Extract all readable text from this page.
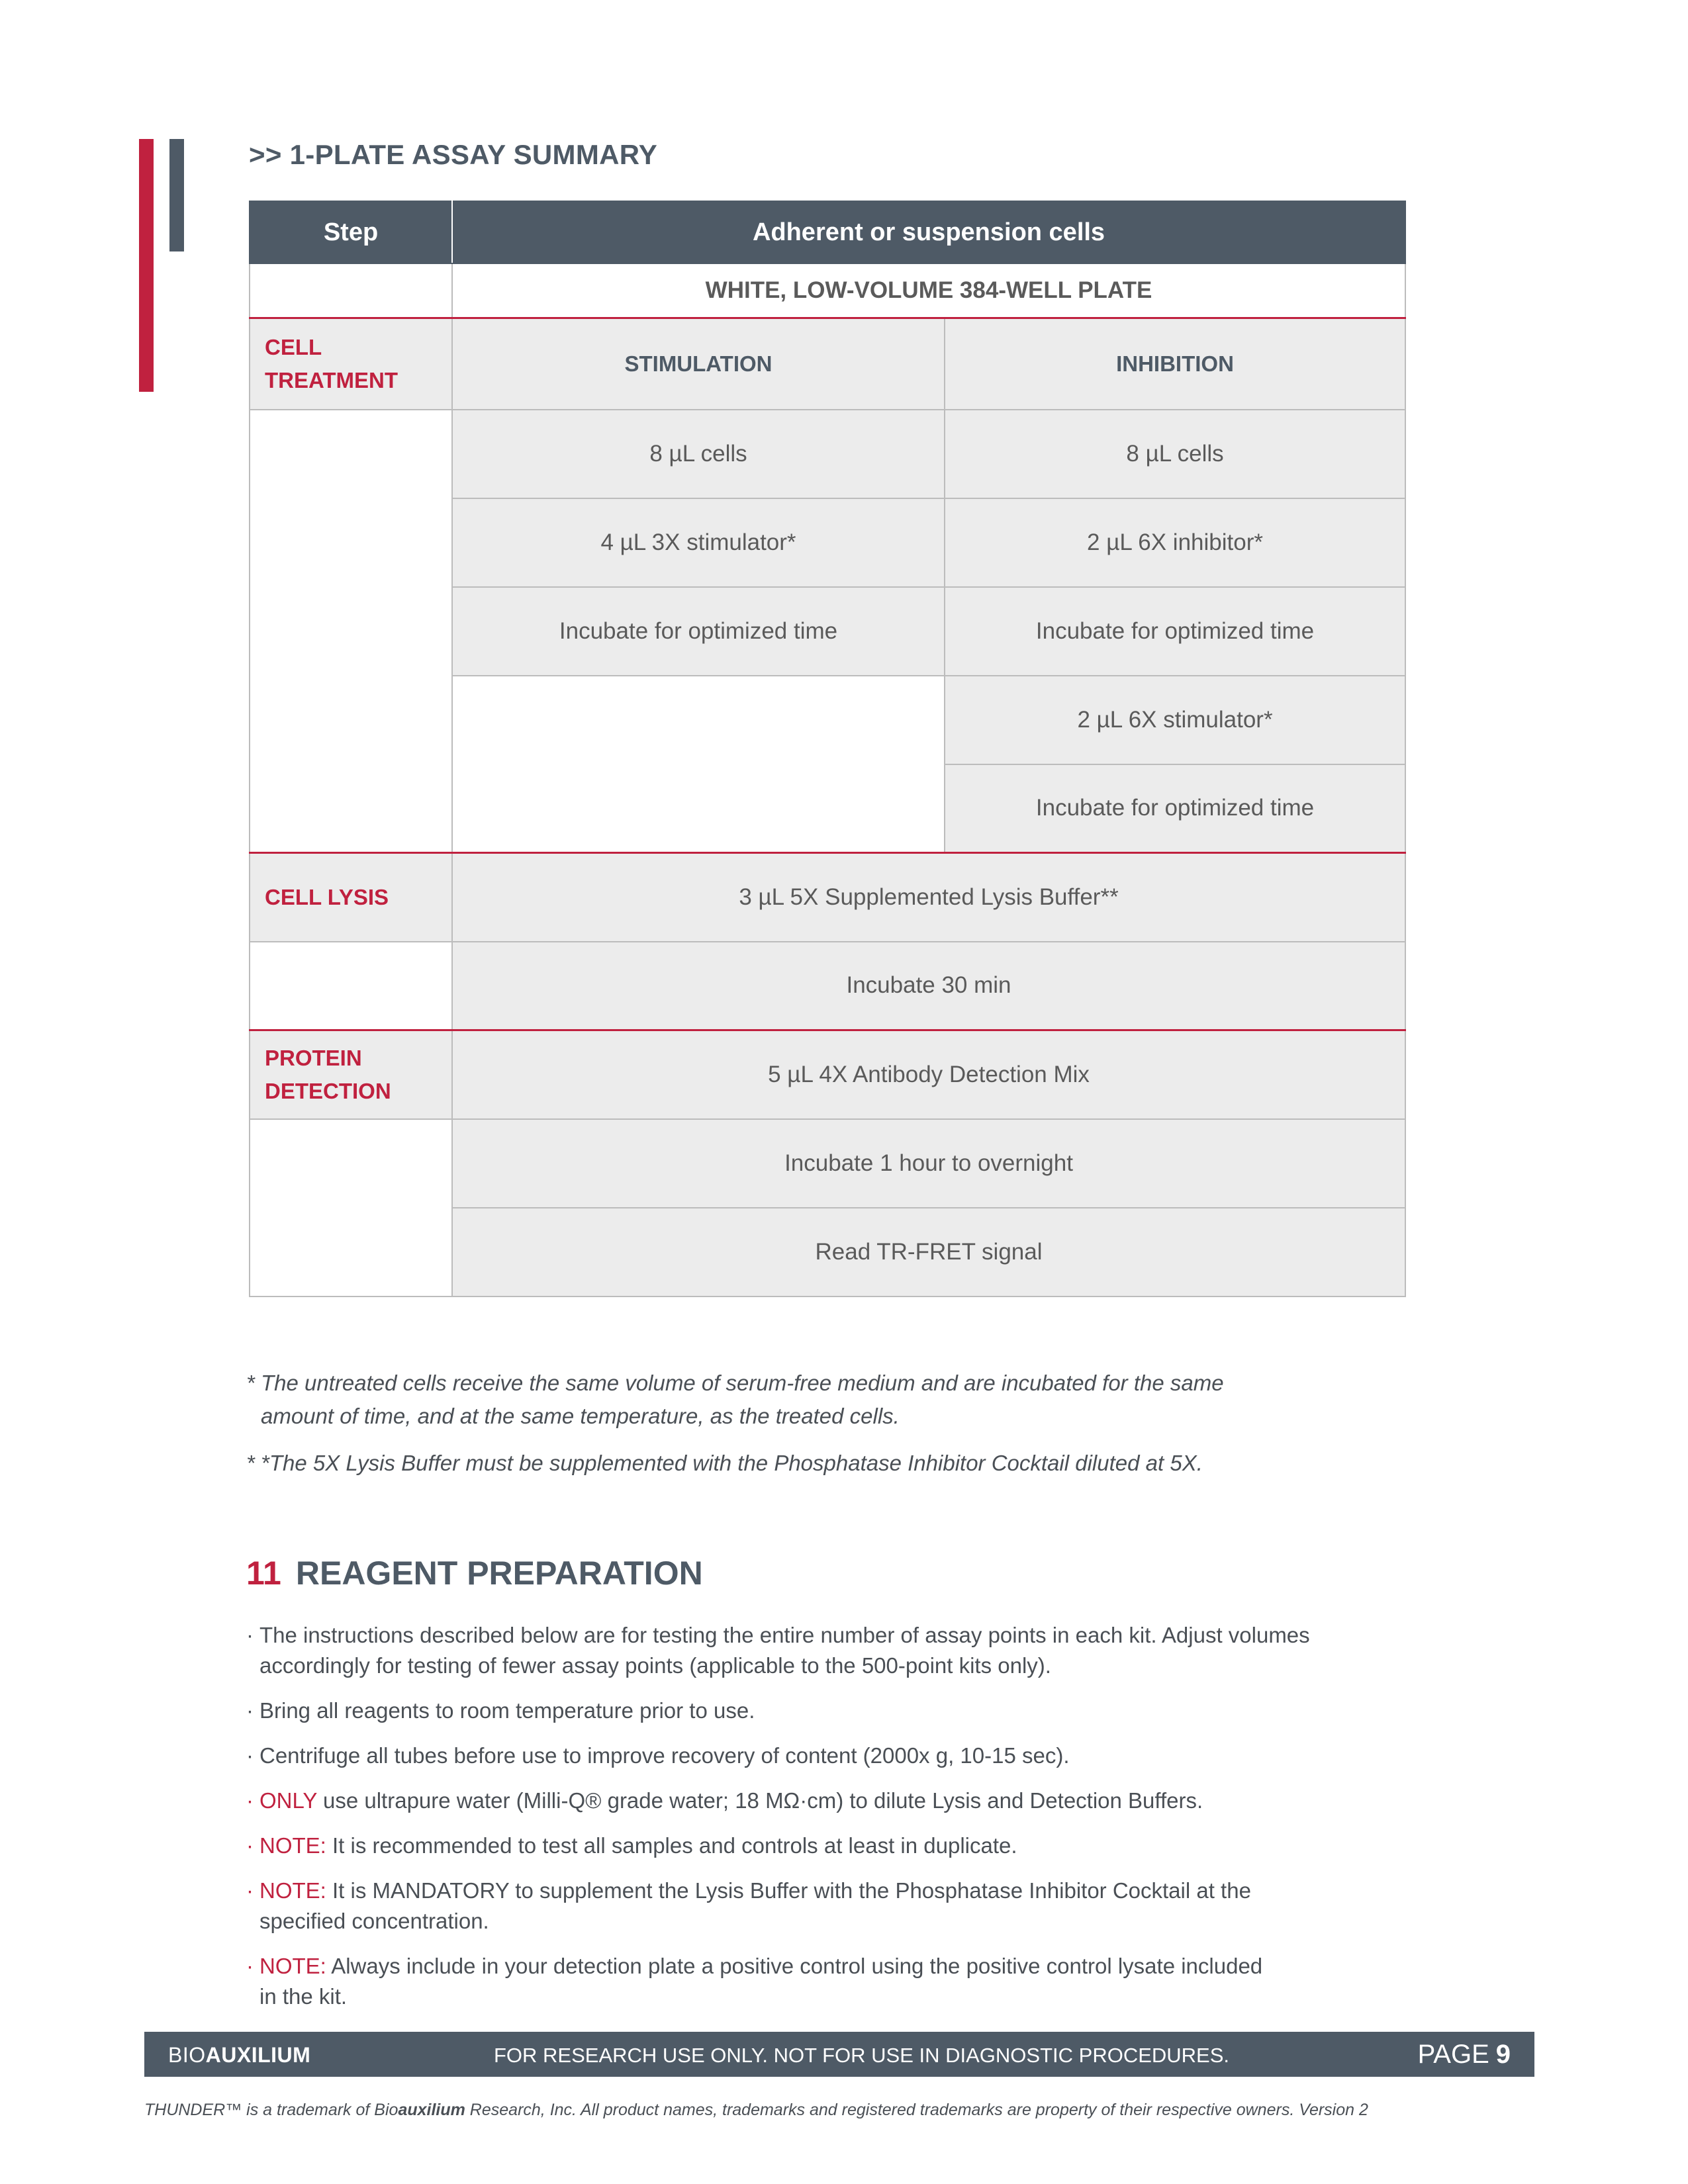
>> 1-PLATE ASSAY SUMMARY
Step	Adherent or suspension cells	
	WHITE, LOW-VOLUME 384-WELL PLATE	
CELL TREATMENT	STIMULATION	INHIBITION
	8 µL cells	8 µL cells
	4 µL 3X stimulator*	2 µL 6X inhibitor*
	Incubate for optimized time	Incubate for optimized time
		2 µL 6X stimulator*
		Incubate for optimized time
CELL LYSIS	3 µL 5X Supplemented Lysis Buffer**	
	Incubate 30 min	
PROTEIN DETECTION	5 µL 4X Antibody Detection Mix	
	Incubate 1 hour to overnight	
	Read TR-FRET signal	
* The untreated cells receive the same volume of serum-free medium and are incubated for the same
amount of time, and at the same temperature, as the treated cells.
* *The 5X Lysis Buffer must be supplemented with the Phosphatase Inhibitor Cocktail diluted at 5X.
11 REAGENT PREPARATION
· The instructions described below are for testing the entire number of assay points in each kit. Adjust volumes
accordingly for testing of fewer assay points (applicable to the 500-point kits only).
· Bring all reagents to room temperature prior to use.
· Centrifuge all tubes before use to improve recovery of content (2000x g, 10-15 sec).
· ONLY use ultrapure water (Milli-Q® grade water; 18 MΩ·cm) to dilute Lysis and Detection Buffers.
· NOTE: It is recommended to test all samples and controls at least in duplicate.
· NOTE: It is MANDATORY to supplement the Lysis Buffer with the Phosphatase Inhibitor Cocktail at the
specified concentration.
· NOTE: Always include in your detection plate a positive control using the positive control lysate included
in the kit.
BIOAUXILIUM	FOR RESEARCH USE ONLY. NOT FOR USE IN DIAGNOSTIC PROCEDURES.	PAGE 9
THUNDER™ is a trademark of Bioauxilium Research, Inc. All product names, trademarks and registered trademarks are property of their respective owners. Version 2
